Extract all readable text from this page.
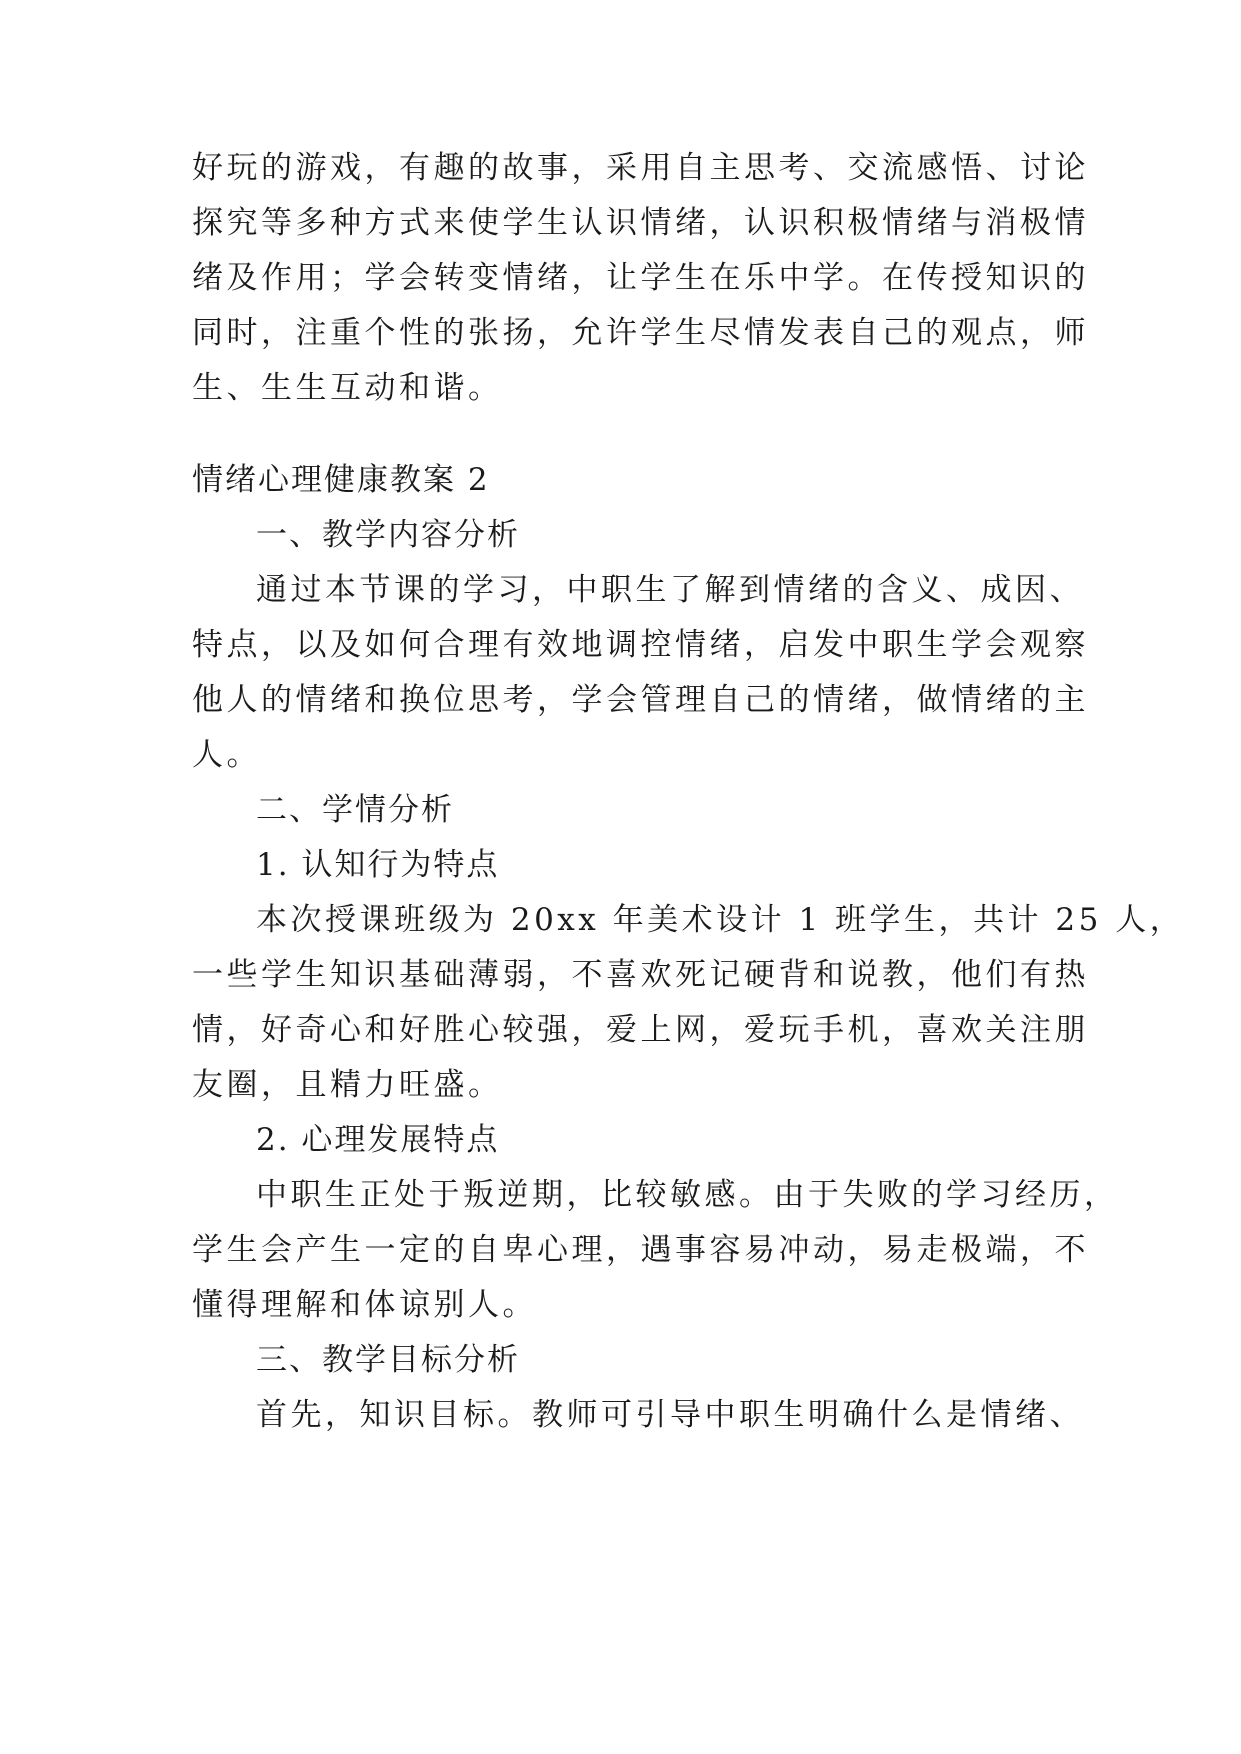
好玩的游戏，有趣的故事，采用自主思考、交流感悟、讨论
探究等多种方式来使学生认识情绪，认识积极情绪与消极情
绪及作用；学会转变情绪，让学生在乐中学。在传授知识的
同时，注重个性的张扬，允许学生尽情发表自己的观点，师
生、生生互动和谐。
情绪心理健康教案 2
一、教学内容分析
通过本节课的学习，中职生了解到情绪的含义、成因、
特点，以及如何合理有效地调控情绪，启发中职生学会观察
他人的情绪和换位思考，学会管理自己的情绪，做情绪的主
人。
二、学情分析
1. 认知行为特点
本次授课班级为 20xx 年美术设计 1 班学生，共计 25 人，
一些学生知识基础薄弱，不喜欢死记硬背和说教，他们有热
情，好奇心和好胜心较强，爱上网，爱玩手机，喜欢关注朋
友圈，且精力旺盛。
2. 心理发展特点
中职生正处于叛逆期，比较敏感。由于失败的学习经历，
学生会产生一定的自卑心理，遇事容易冲动，易走极端，不
懂得理解和体谅别人。
三、教学目标分析
首先，知识目标。教师可引导中职生明确什么是情绪、
